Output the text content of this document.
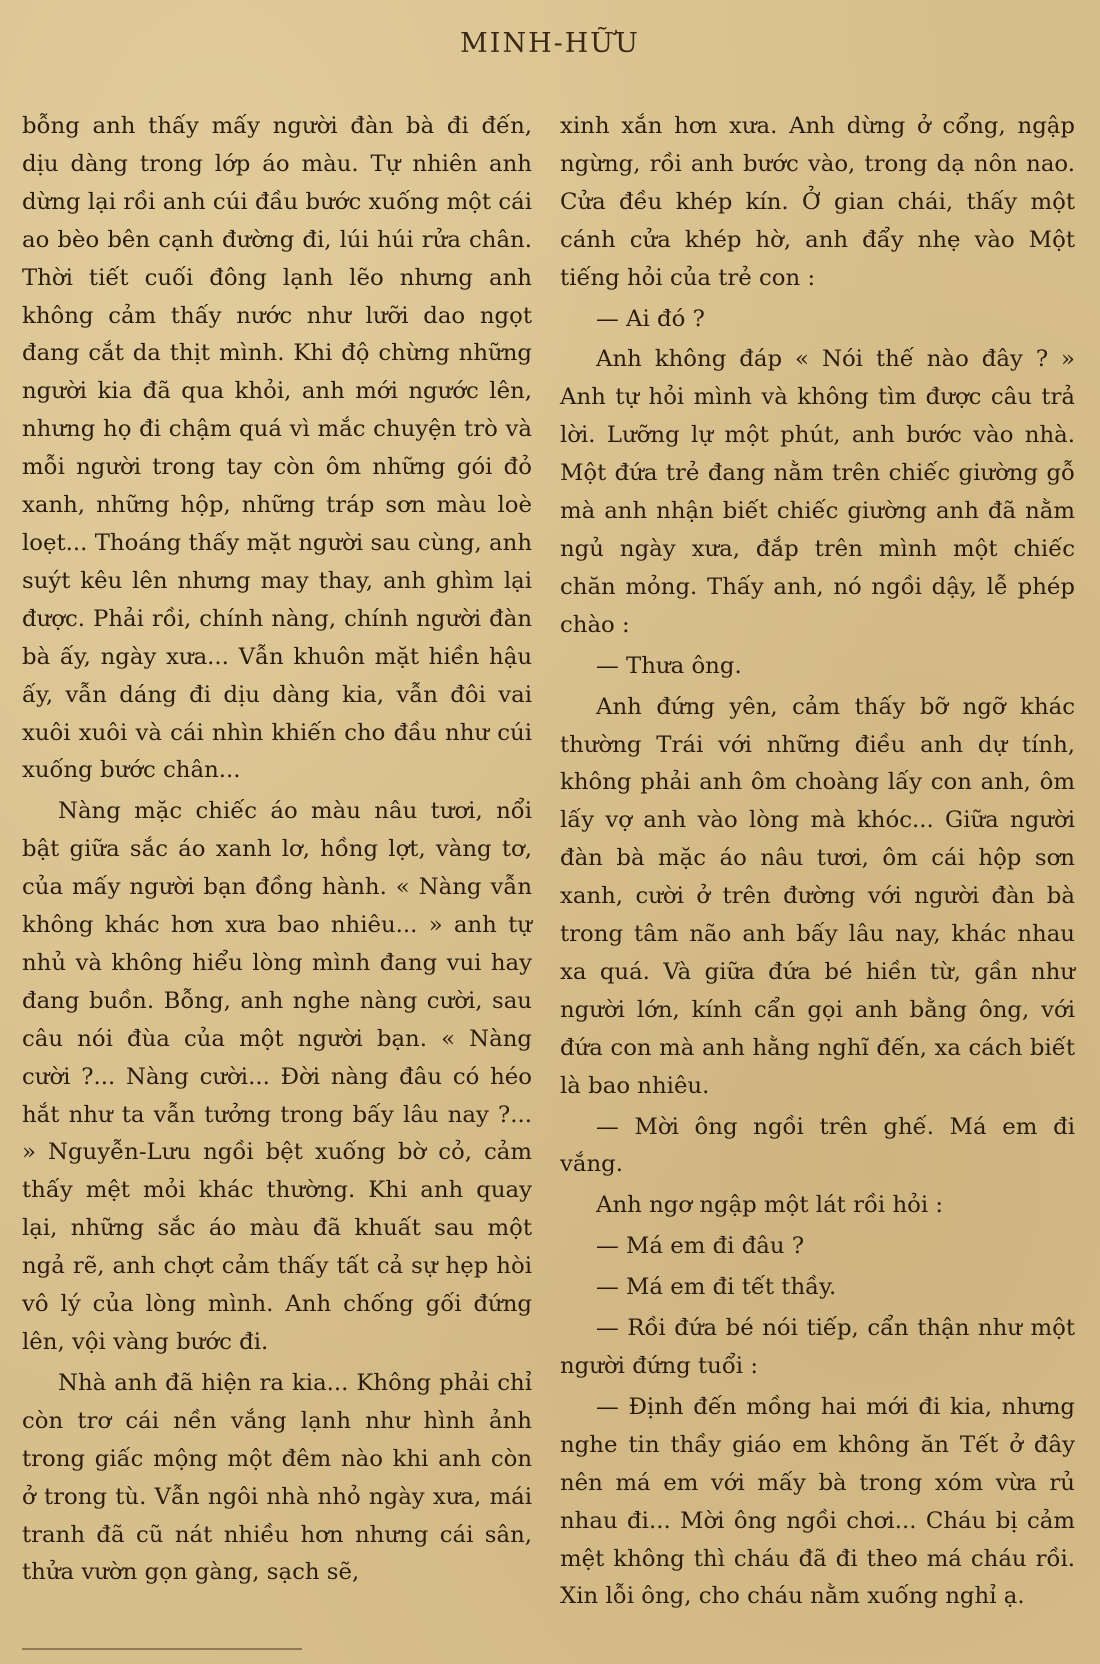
MINH-HỮU

bỗng anh thấy mấy người đàn bà đi đến, dịu dàng trong lớp áo màu. Tự nhiên anh dừng lại rồi anh cúi đầu bước xuống một cái ao bèo bên cạnh đường đi, lúi húi rửa chân. Thời tiết cuối đông lạnh lẽo nhưng anh không cảm thấy nước như lưỡi dao ngọt đang cắt da thịt mình. Khi độ chừng những người kia đã qua khỏi, anh mới ngước lên, nhưng họ đi chậm quá vì mắc chuyện trò và mỗi người trong tay còn ôm những gói đỏ xanh, những hộp, những tráp sơn màu loè loẹt... Thoáng thấy mặt người sau cùng, anh suýt kêu lên nhưng may thay, anh ghìm lại được. Phải rồi, chính nàng, chính người đàn bà ấy, ngày xưa... Vẫn khuôn mặt hiền hậu ấy, vẫn dáng đi dịu dàng kia, vẫn đôi vai xuôi xuôi và cái nhìn khiến cho đầu như cúi xuống bước chân...

Nàng mặc chiếc áo màu nâu tươi, nổi bật giữa sắc áo xanh lơ, hồng lợt, vàng tơ, của mấy người bạn đồng hành. « Nàng vẫn không khác hơn xưa bao nhiêu... » anh tự nhủ và không hiểu lòng mình đang vui hay đang buồn. Bỗng, anh nghe nàng cười, sau câu nói đùa của một người bạn. « Nàng cười ?... Nàng cười... Đời nàng đâu có héo hắt như ta vẫn tưởng trong bấy lâu nay ?... » Nguyễn-Lưu ngồi bệt xuống bờ cỏ, cảm thấy mệt mỏi khác thường. Khi anh quay lại, những sắc áo màu đã khuất sau một ngả rẽ, anh chợt cảm thấy tất cả sự hẹp hòi vô lý của lòng mình. Anh chống gối đứng lên, vội vàng bước đi.

Nhà anh đã hiện ra kia... Không phải chỉ còn trơ cái nền vắng lạnh như hình ảnh trong giấc mộng một đêm nào khi anh còn ở trong tù. Vẫn ngôi nhà nhỏ ngày xưa, mái tranh đã cũ nát nhiều hơn nhưng cái sân, thửa vườn gọn gàng, sạch sẽ,

xinh xắn hơn xưa. Anh dừng ở cổng, ngập ngừng, rồi anh bước vào, trong dạ nôn nao. Cửa đều khép kín. Ở gian chái, thấy một cánh cửa khép hờ, anh đẩy nhẹ vào Một tiếng hỏi của trẻ con :

— Ai đó ?

Anh không đáp « Nói thế nào đây ? » Anh tự hỏi mình và không tìm được câu trả lời. Lưỡng lự một phút, anh bước vào nhà. Một đứa trẻ đang nằm trên chiếc giường gỗ mà anh nhận biết chiếc giường anh đã nằm ngủ ngày xưa, đắp trên mình một chiếc chăn mỏng. Thấy anh, nó ngồi dậy, lễ phép chào :

— Thưa ông.

Anh đứng yên, cảm thấy bỡ ngỡ khác thường Trái với những điều anh dự tính, không phải anh ôm choàng lấy con anh, ôm lấy vợ anh vào lòng mà khóc... Giữa người đàn bà mặc áo nâu tươi, ôm cái hộp sơn xanh, cười ở trên đường với người đàn bà trong tâm não anh bấy lâu nay, khác nhau xa quá. Và giữa đứa bé hiền từ, gần như người lớn, kính cẩn gọi anh bằng ông, với đứa con mà anh hằng nghĩ đến, xa cách biết là bao nhiêu.

— Mời ông ngồi trên ghế. Má em đi vắng.

Anh ngơ ngập một lát rồi hỏi :

— Má em đi đâu ?

— Má em đi tết thầy.

— Rồi đứa bé nói tiếp, cẩn thận như một người đứng tuổi :

— Định đến mồng hai mới đi kia, nhưng nghe tin thầy giáo em không ăn Tết ở đây nên má em với mấy bà trong xóm vừa rủ nhau đi... Mời ông ngồi chơi... Cháu bị cảm mệt không thì cháu đã đi theo má cháu rồi. Xin lỗi ông, cho cháu nằm xuống nghỉ ạ.
